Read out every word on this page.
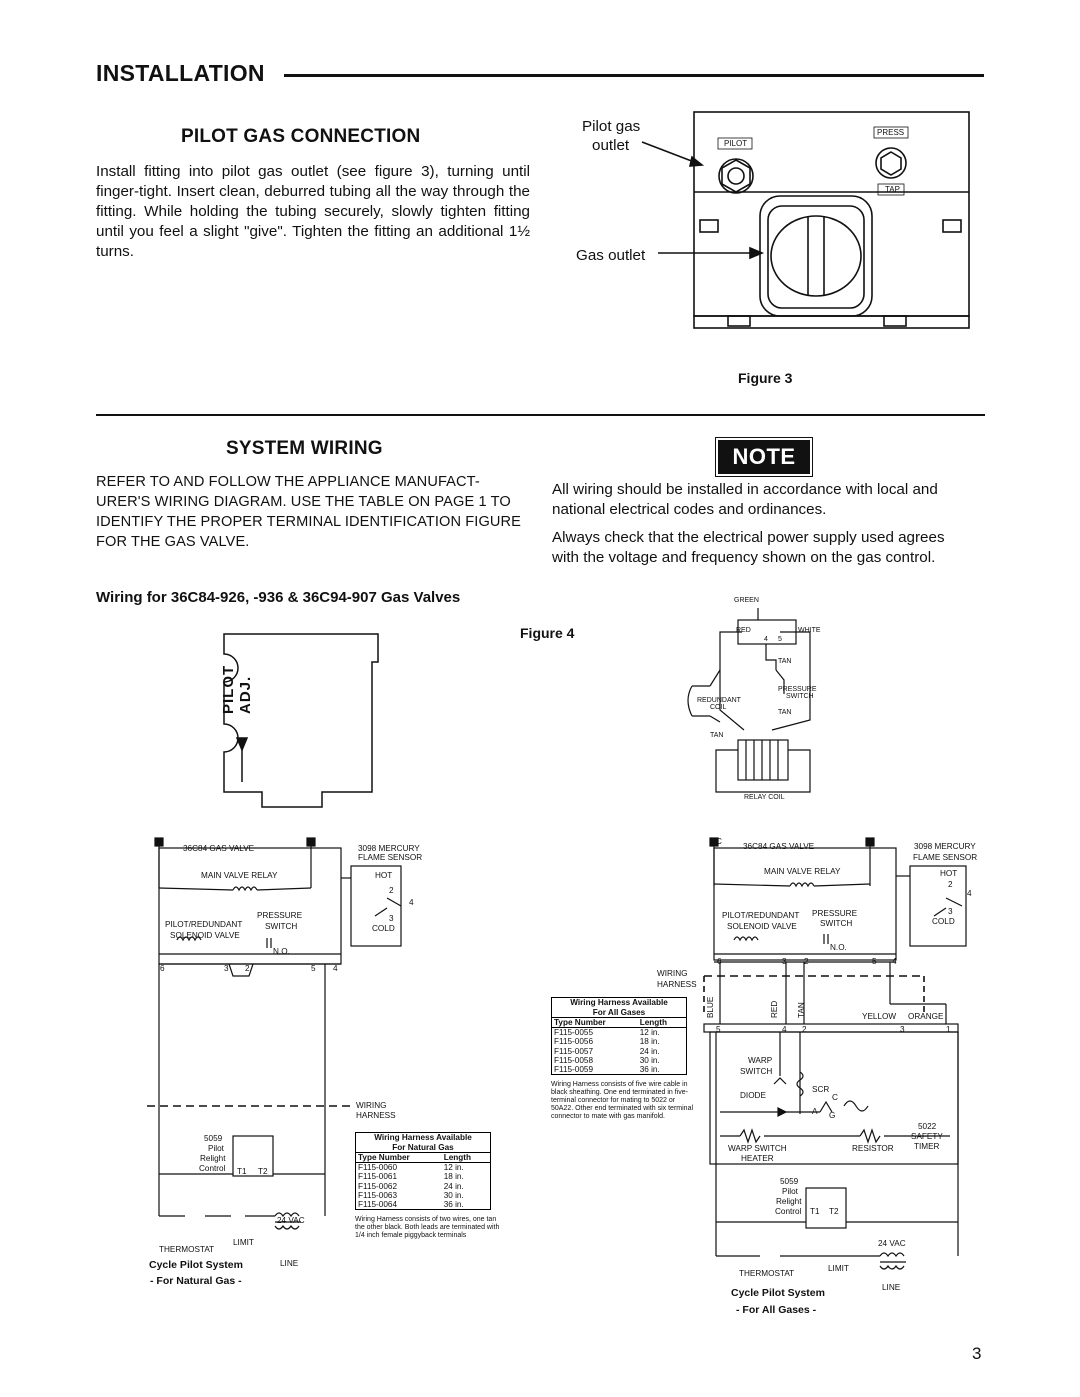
INSTALLATION
PILOT GAS CONNECTION
Install fitting into pilot gas outlet (see figure 3), turning until finger-tight. Insert clean, deburred tubing all the way through the fitting. While holding the tubing securely, slowly tighten fitting until you feel a slight "give". Tighten the fitting an additional 1½ turns.
Pilot gas
outlet
Gas outlet
PILOT
PRESS
TAP
Figure 3
SYSTEM WIRING
REFER TO AND FOLLOW THE APPLIANCE MANUFACT-URER'S WIRING DIAGRAM. USE THE TABLE ON PAGE 1 TO IDENTIFY THE PROPER TERMINAL IDENTIFICATION FIGURE FOR THE GAS VALVE.
NOTE
All wiring should be installed in accordance with local and national electrical codes and ordinances.
Always check that the electrical power supply used agrees with the voltage and frequency shown on the gas control.
Wiring for 36C84-926, -936 & 36C94-907 Gas Valves
Figure 4
PILOT ADJ.
GREEN
RED	WHITE
4 5
TAN
PRESSURE
SWITCH
REDUNDANT
COIL
TAN
TAN
RELAY COIL
C	S
36C84 GAS VALVE	3098 MERCURY
FLAME SENSOR
MAIN VALVE RELAY	HOT
2
4
3
COLD
PRESSURE
SWITCH
PILOT/REDUNDANT
SOLENOID VALVE
N.O.
6	3 2	5 4
WIRING
HARNESS
5059
Pilot
Relight
Control T1 T2
24 VAC
LIMIT
THERMOSTAT
LINE
Cycle Pilot System
- For Natural Gas -
Wiring Harness Available
For Natural Gas
Type Number	Length
F115-0060	12 in.
F115-0061	18 in.
F115-0062	24 in.
F115-0063	30 in.
F115-0064	36 in.
Wiring Harness consists of two wires, one tan the other black. Both leads are terminated with 1/4 inch female piggyback terminals
C	S
36C84 GAS VALVE	3098 MERCURY
FLAME SENSOR
MAIN VALVE RELAY	HOT
2
4
3
COLD
PRESSURE
SWITCH
PILOT/REDUNDANT
SOLENOID VALVE
N.O.
6	3 2	5 4
WIRING
HARNESS
BLUE	RED TAN	YELLOW ORANGE
5	4 2	3	1
WARP
SWITCH
DIODE
SCR
C
A G
5022
SAFETY
TIMER
WARP SWITCH
HEATER
RESISTOR
5059
Pilot
Relight
Control T1 T2
24 VAC
LIMIT
THERMOSTAT
LINE
Cycle Pilot System
- For All Gases -
Wiring Harness Available
For All Gases
Type Number	Length
F115-0055	12 in.
F115-0056	18 in.
F115-0057	24 in.
F115-0058	30 in.
F115-0059	36 in.
Wiring Harness consists of five wire cable in black sheathing. One end terminated in five-terminal connector for mating to 5022 or 50A22. Other end terminated with six terminal connector to mate with gas manifold.
3
